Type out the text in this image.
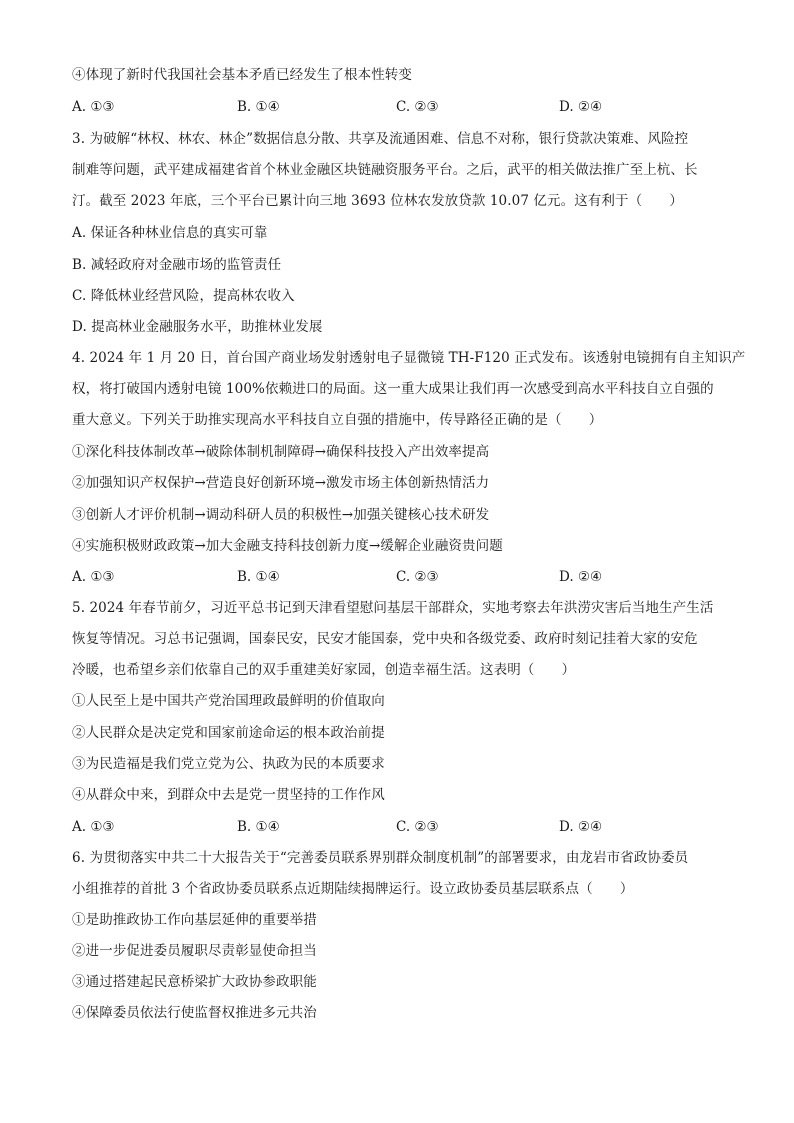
④体现了新时代我国社会基本矛盾已经发生了根本性转变
A. ①③	B. ①④	C. ②③	D. ②④
3. 为破解“林权、林农、林企”数据信息分散、共享及流通困难、信息不对称，银行贷款决策难、风险控
制难等问题，武平建成福建省首个林业金融区块链融资服务平台。之后，武平的相关做法推广至上杭、长
汀。截至 2023 年底，三个平台已累计向三地 3693 位林农发放贷款 10.07 亿元。这有利于（　　）
A. 保证各种林业信息的真实可靠
B. 减轻政府对金融市场的监管责任
C. 降低林业经营风险，提高林农收入
D. 提高林业金融服务水平，助推林业发展
4. 2024 年 1 月 20 日，首台国产商业场发射透射电子显微镜 TH-F120 正式发布。该透射电镜拥有自主知识产
权，将打破国内透射电镜 100%依赖进口的局面。这一重大成果让我们再一次感受到高水平科技自立自强的
重大意义。下列关于助推实现高水平科技自立自强的措施中，传导路径正确的是（　　）
①深化科技体制改革→破除体制机制障碍→确保科技投入产出效率提高
②加强知识产权保护→营造良好创新环境→激发市场主体创新热情活力
③创新人才评价机制→调动科研人员的积极性→加强关键核心技术研发
④实施积极财政政策→加大金融支持科技创新力度→缓解企业融资贵问题
A. ①③	B. ①④	C. ②③	D. ②④
5. 2024 年春节前夕，习近平总书记到天津看望慰问基层干部群众，实地考察去年洪涝灾害后当地生产生活
恢复等情况。习总书记强调，国泰民安，民安才能国泰，党中央和各级党委、政府时刻记挂着大家的安危
冷暖，也希望乡亲们依靠自己的双手重建美好家园，创造幸福生活。这表明（　　）
①人民至上是中国共产党治国理政最鲜明的价值取向
②人民群众是决定党和国家前途命运的根本政治前提
③为民造福是我们党立党为公、执政为民的本质要求
④从群众中来，到群众中去是党一贯坚持的工作作风
A. ①③	B. ①④	C. ②③	D. ②④
6. 为贯彻落实中共二十大报告关于“完善委员联系界别群众制度机制”的部署要求，由龙岩市省政协委员
小组推荐的首批 3 个省政协委员联系点近期陆续揭牌运行。设立政协委员基层联系点（　　）
①是助推政协工作向基层延伸的重要举措
②进一步促进委员履职尽责彰显使命担当
③通过搭建起民意桥梁扩大政协参政职能
④保障委员依法行使监督权推进多元共治
